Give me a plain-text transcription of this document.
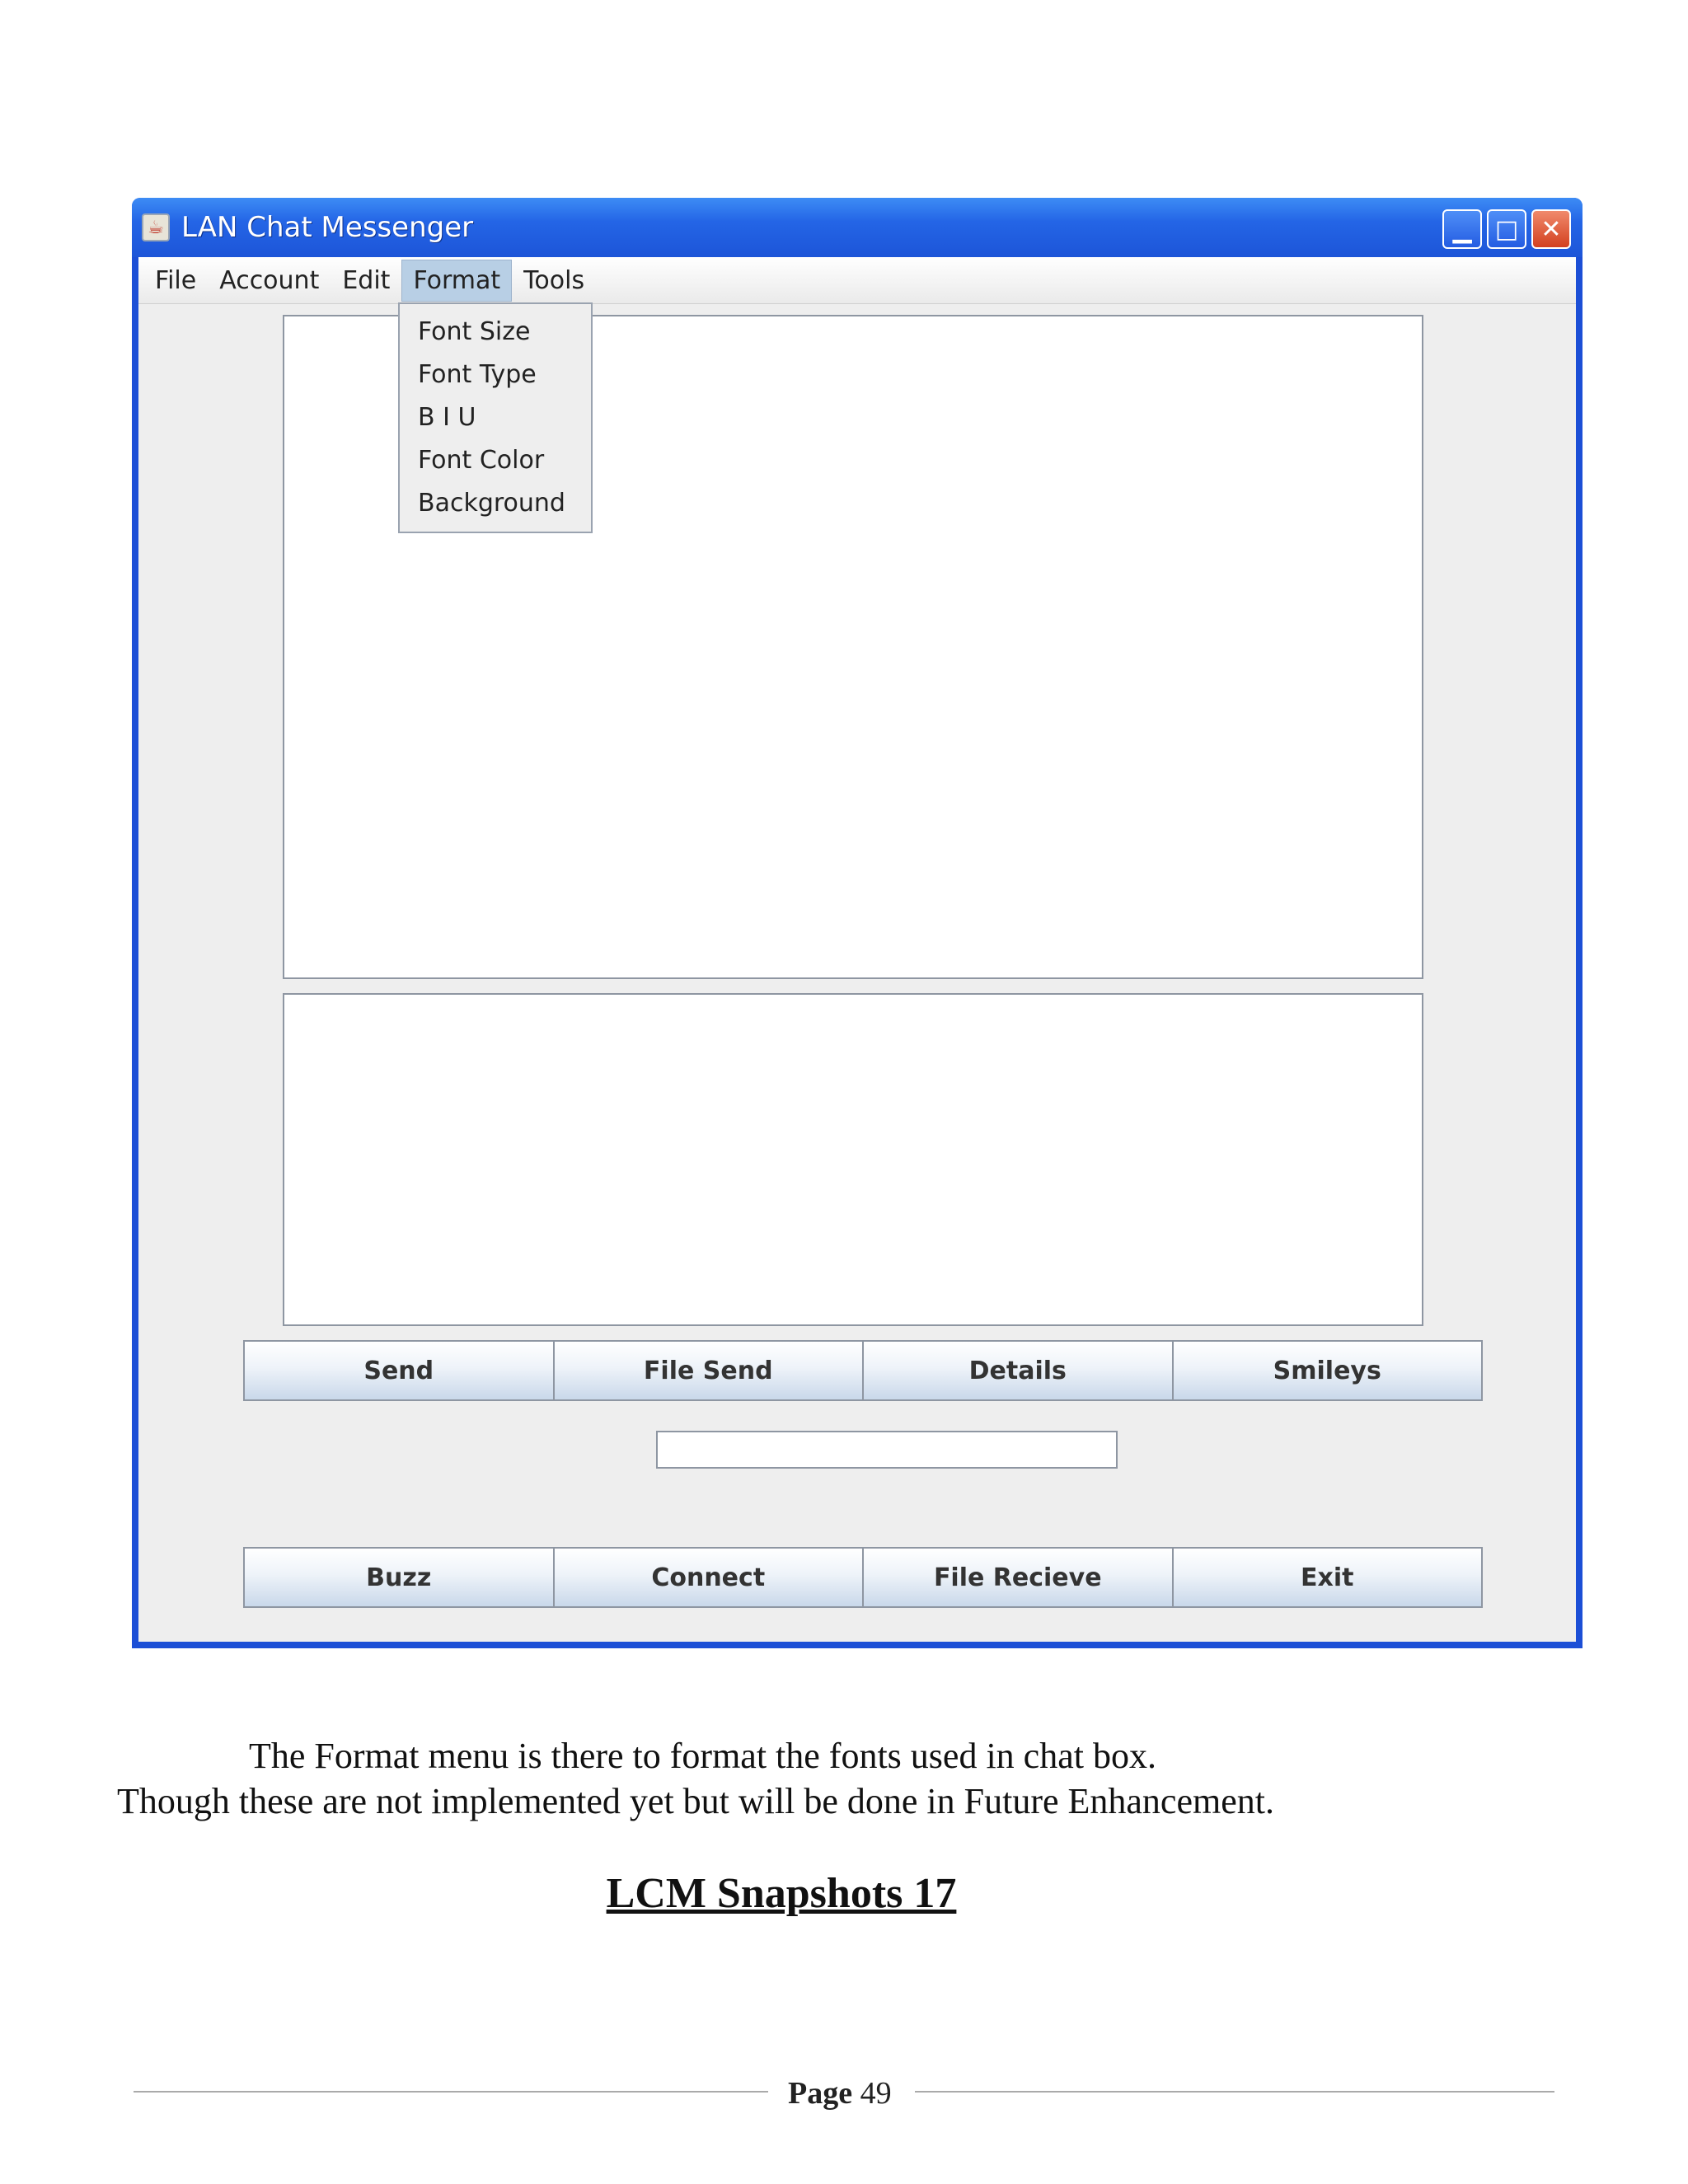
☕ LAN Chat Messenger	▁ □ ✕
File Account Edit Format Tools
Font Size
Font Type
B I U
Font Color
Background
Send	File Send	Details	Smileys
Buzz	Connect	File Recieve	Exit
The Format menu is there to format the fonts used in chat box.
Though these are not implemented yet but will be done in Future Enhancement.
LCM Snapshots 17
Page 49
